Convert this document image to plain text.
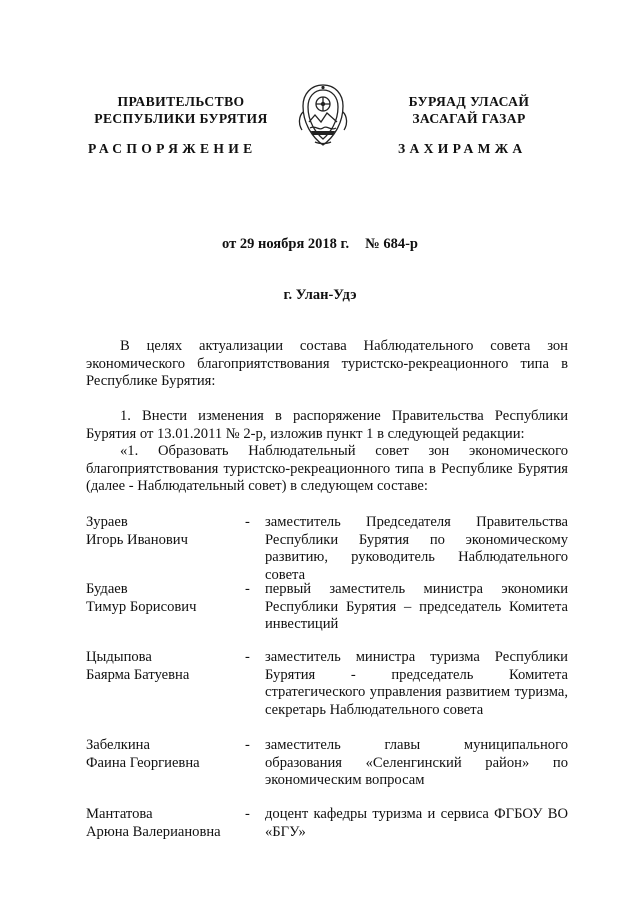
ПРАВИТЕЛЬСТВО
РЕСПУБЛИКИ БУРЯТИЯ
БУРЯАД УЛАСАЙ
ЗАСАГАЙ ГАЗАР
РАСПОРЯЖЕНИЕ	ЗАХИРАМЖА
от 29 ноября 2018 г. № 684-р
г. Улан-Удэ

В целях актуализации состава Наблюдательного совета зон экономического благоприятствования туристско-рекреационного типа в Республике Бурятия:

1. Внести изменения в распоряжение Правительства Республики Бурятия от 13.01.2011 № 2-р, изложив пункт 1 в следующей редакции:

«1. Образовать Наблюдательный совет зон экономического благоприятствования туристско-рекреационного типа в Республике Бурятия (далее - Наблюдательный совет) в следующем составе:

Зураев
Игорь Иванович
- заместитель Председателя Правительства Республики Бурятия по экономическому развитию, руководитель Наблюдательного совета
Будаев
Тимур Борисович
- первый заместитель министра экономики Республики Бурятия – председатель Комитета инвестиций
Цыдыпова
Баярма Батуевна
- заместитель министра туризма Республики Бурятия - председатель Комитета стратегического управления развитием туризма, секретарь Наблюдательного совета
Забелкина
Фаина Георгиевна
- заместитель главы муниципального образования «Селенгинский район» по экономическим вопросам
Мантатова
Арюна Валериановна
- доцент кафедры туризма и сервиса ФГБОУ ВО «БГУ»
